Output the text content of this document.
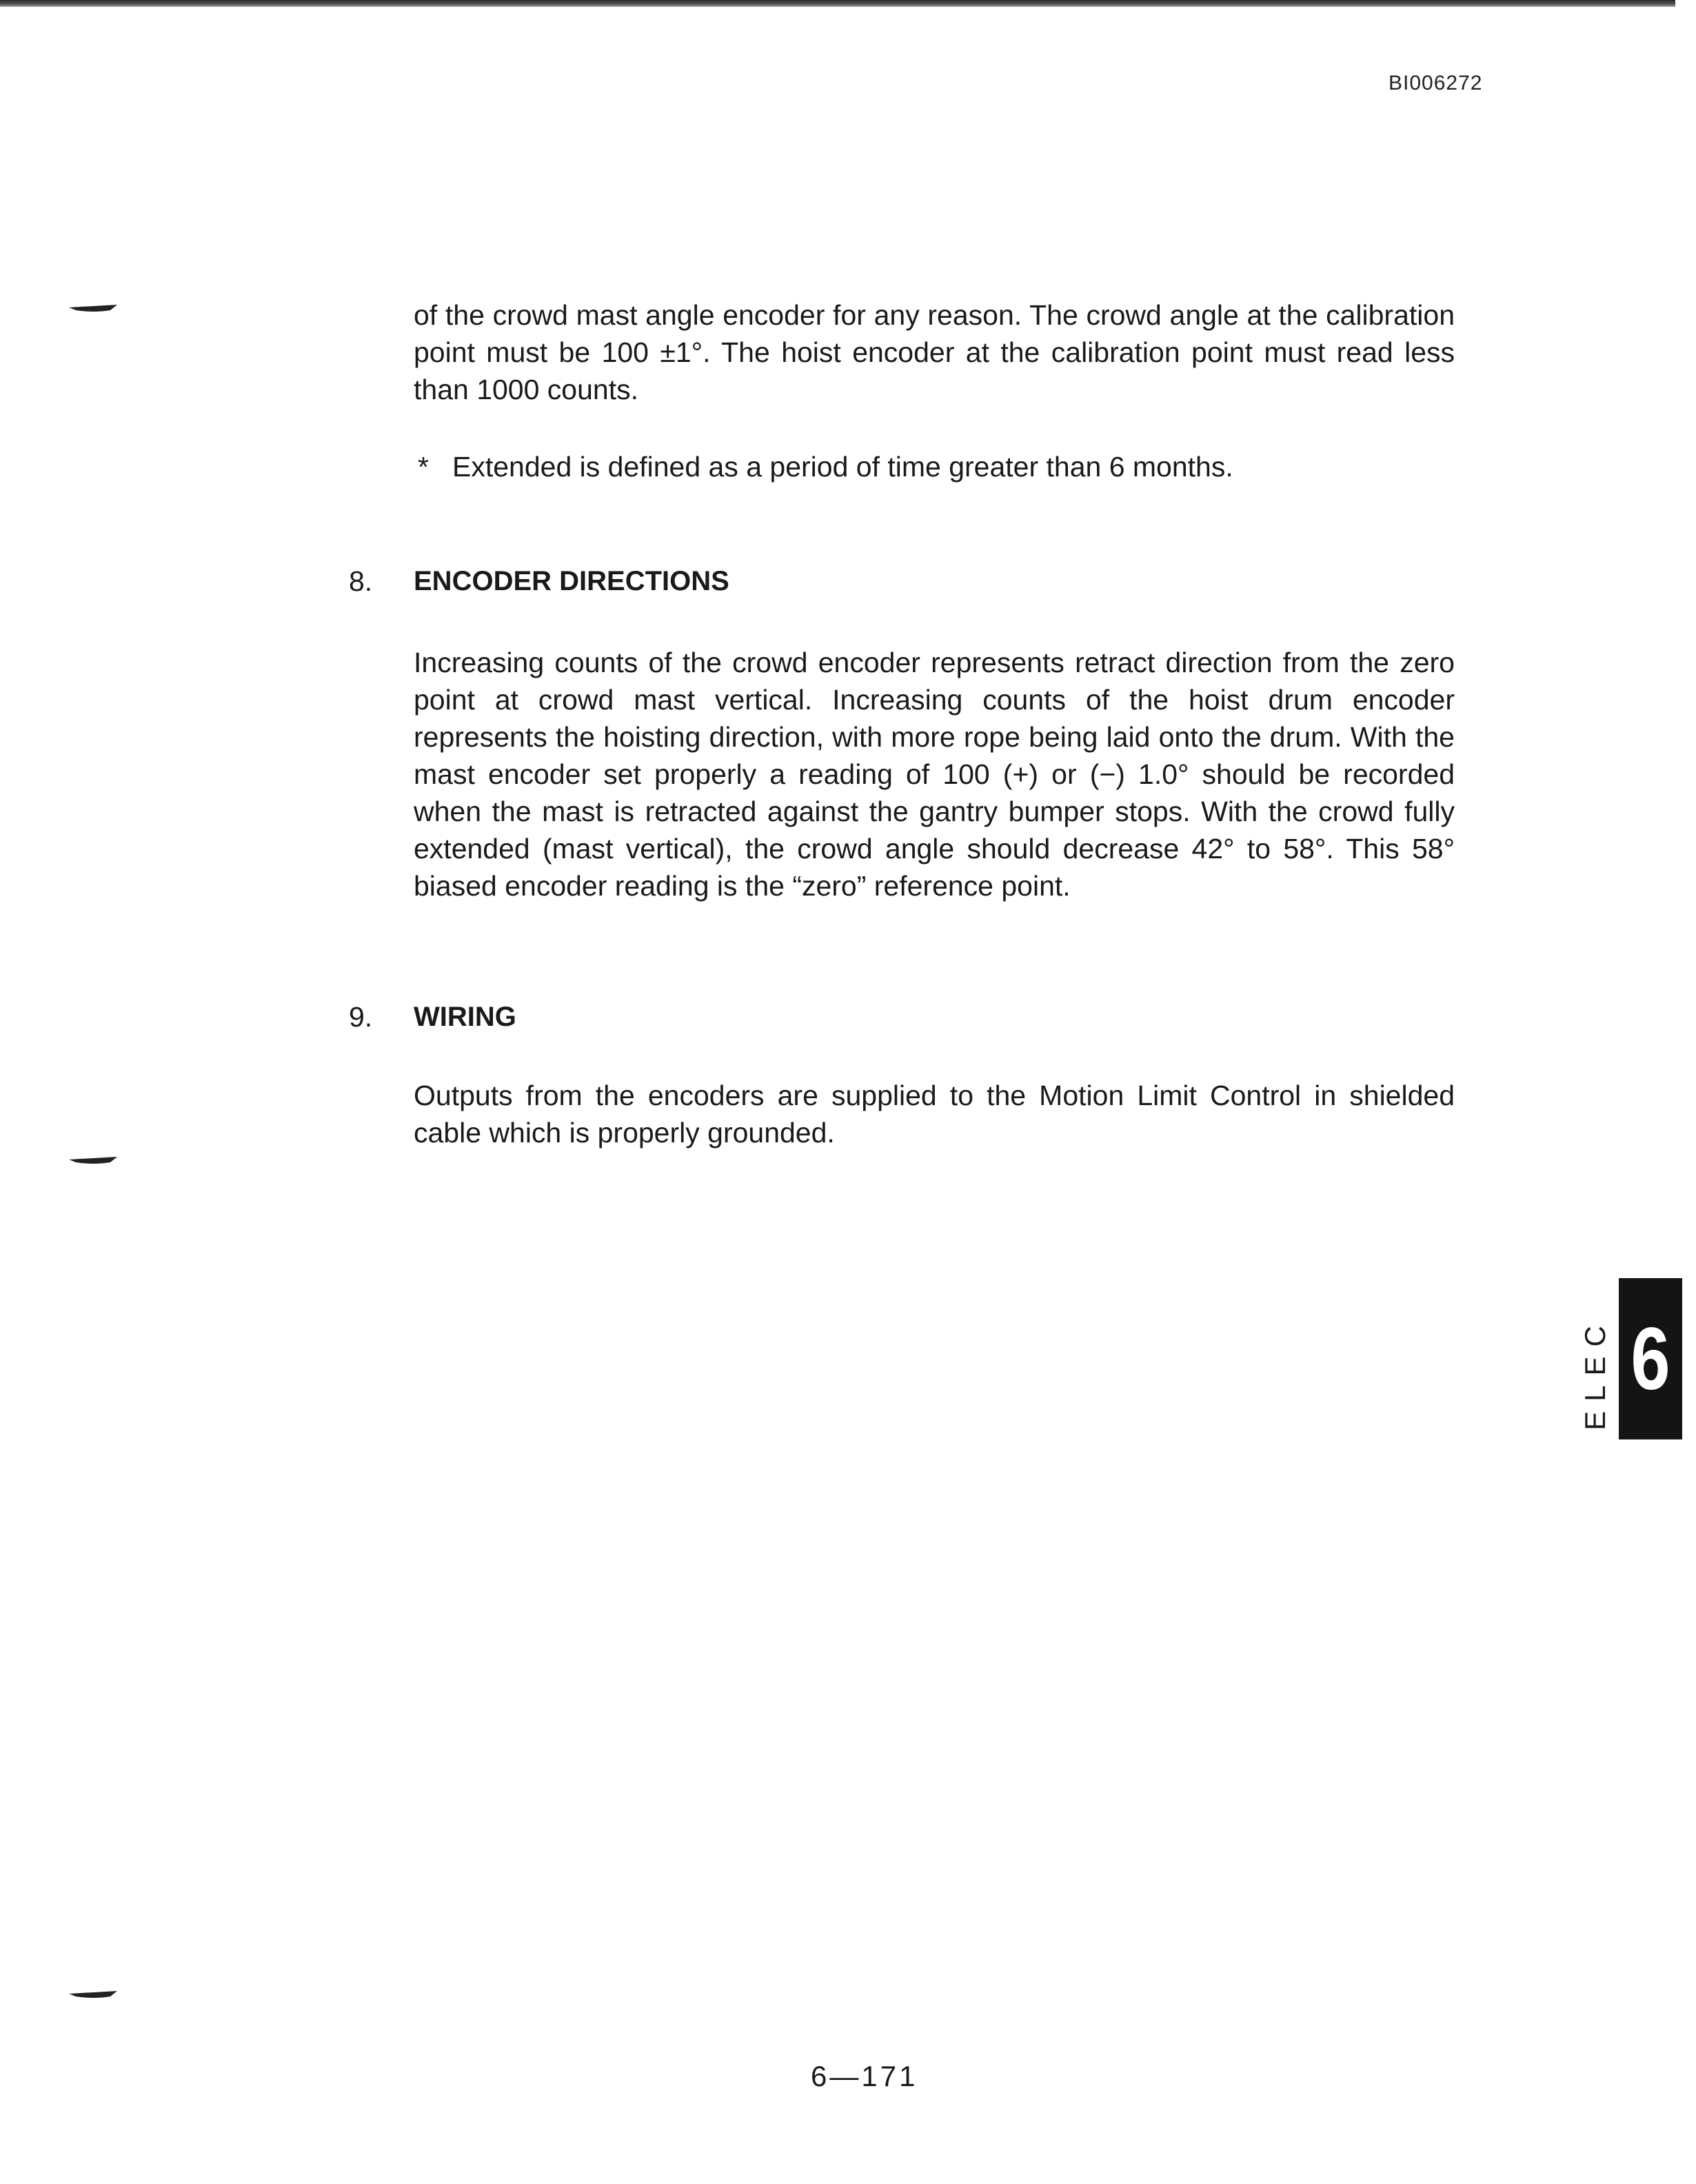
BI006272
of the crowd mast angle encoder for any reason. The crowd angle at the calibration point must be 100 ±1°. The hoist encoder at the calibration point must read less than 1000 counts.
* Extended is defined as a period of time greater than 6 months.
8. ENCODER DIRECTIONS
Increasing counts of the crowd encoder represents retract direction from the zero point at crowd mast vertical. Increasing counts of the hoist drum encoder represents the hoisting direction, with more rope being laid onto the drum. With the mast encoder set properly a reading of 100 (+) or (−) 1.0° should be recorded when the mast is retracted against the gantry bumper stops. With the crowd fully extended (mast vertical), the crowd angle should decrease 42° to 58°. This 58° biased encoder reading is the “zero” reference point.
9. WIRING
Outputs from the encoders are supplied to the Motion Limit Control in shielded cable which is properly grounded.
6
ELEC
6—171
